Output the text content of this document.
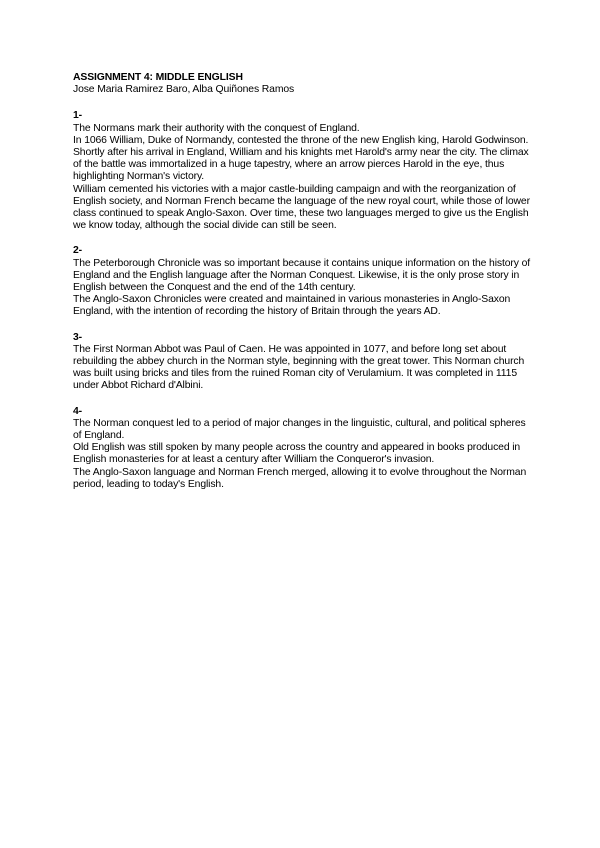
ASSIGNMENT 4: MIDDLE ENGLISH

Jose Maria Ramirez Baro, Alba Quiñones Ramos

1-

The Normans mark their authority with the conquest of England.

In 1066 William, Duke of Normandy, contested the throne of the new English king, Harold Godwinson.

Shortly after his arrival in England, William and his knights met Harold's army near the city. The climax of the battle was immortalized in a huge tapestry, where an arrow pierces Harold in the eye, thus highlighting Norman's victory.

William cemented his victories with a major castle-building campaign and with the reorganization of English society, and Norman French became the language of the new royal court, while those of lower class continued to speak Anglo-Saxon. Over time, these two languages merged to give us the English we know today, although the social divide can still be seen.

2-

The Peterborough Chronicle was so important because it contains unique information on the history of England and the English language after the Norman Conquest. Likewise, it is the only prose story in English between the Conquest and the end of the 14th century.

The Anglo-Saxon Chronicles were created and maintained in various monasteries in Anglo-Saxon England, with the intention of recording the history of Britain through the years AD.

3-

The First Norman Abbot was Paul of Caen. He was appointed in 1077, and before long set about rebuilding the abbey church in the Norman style, beginning with the great tower. This Norman church was built using bricks and tiles from the ruined Roman city of Verulamium. It was completed in 1115 under Abbot Richard d'Albini.

4-

The Norman conquest led to a period of major changes in the linguistic, cultural, and political spheres of England.

Old English was still spoken by many people across the country and appeared in books produced in English monasteries for at least a century after William the Conqueror's invasion.

The Anglo-Saxon language and Norman French merged, allowing it to evolve throughout the Norman period, leading to today's English.
